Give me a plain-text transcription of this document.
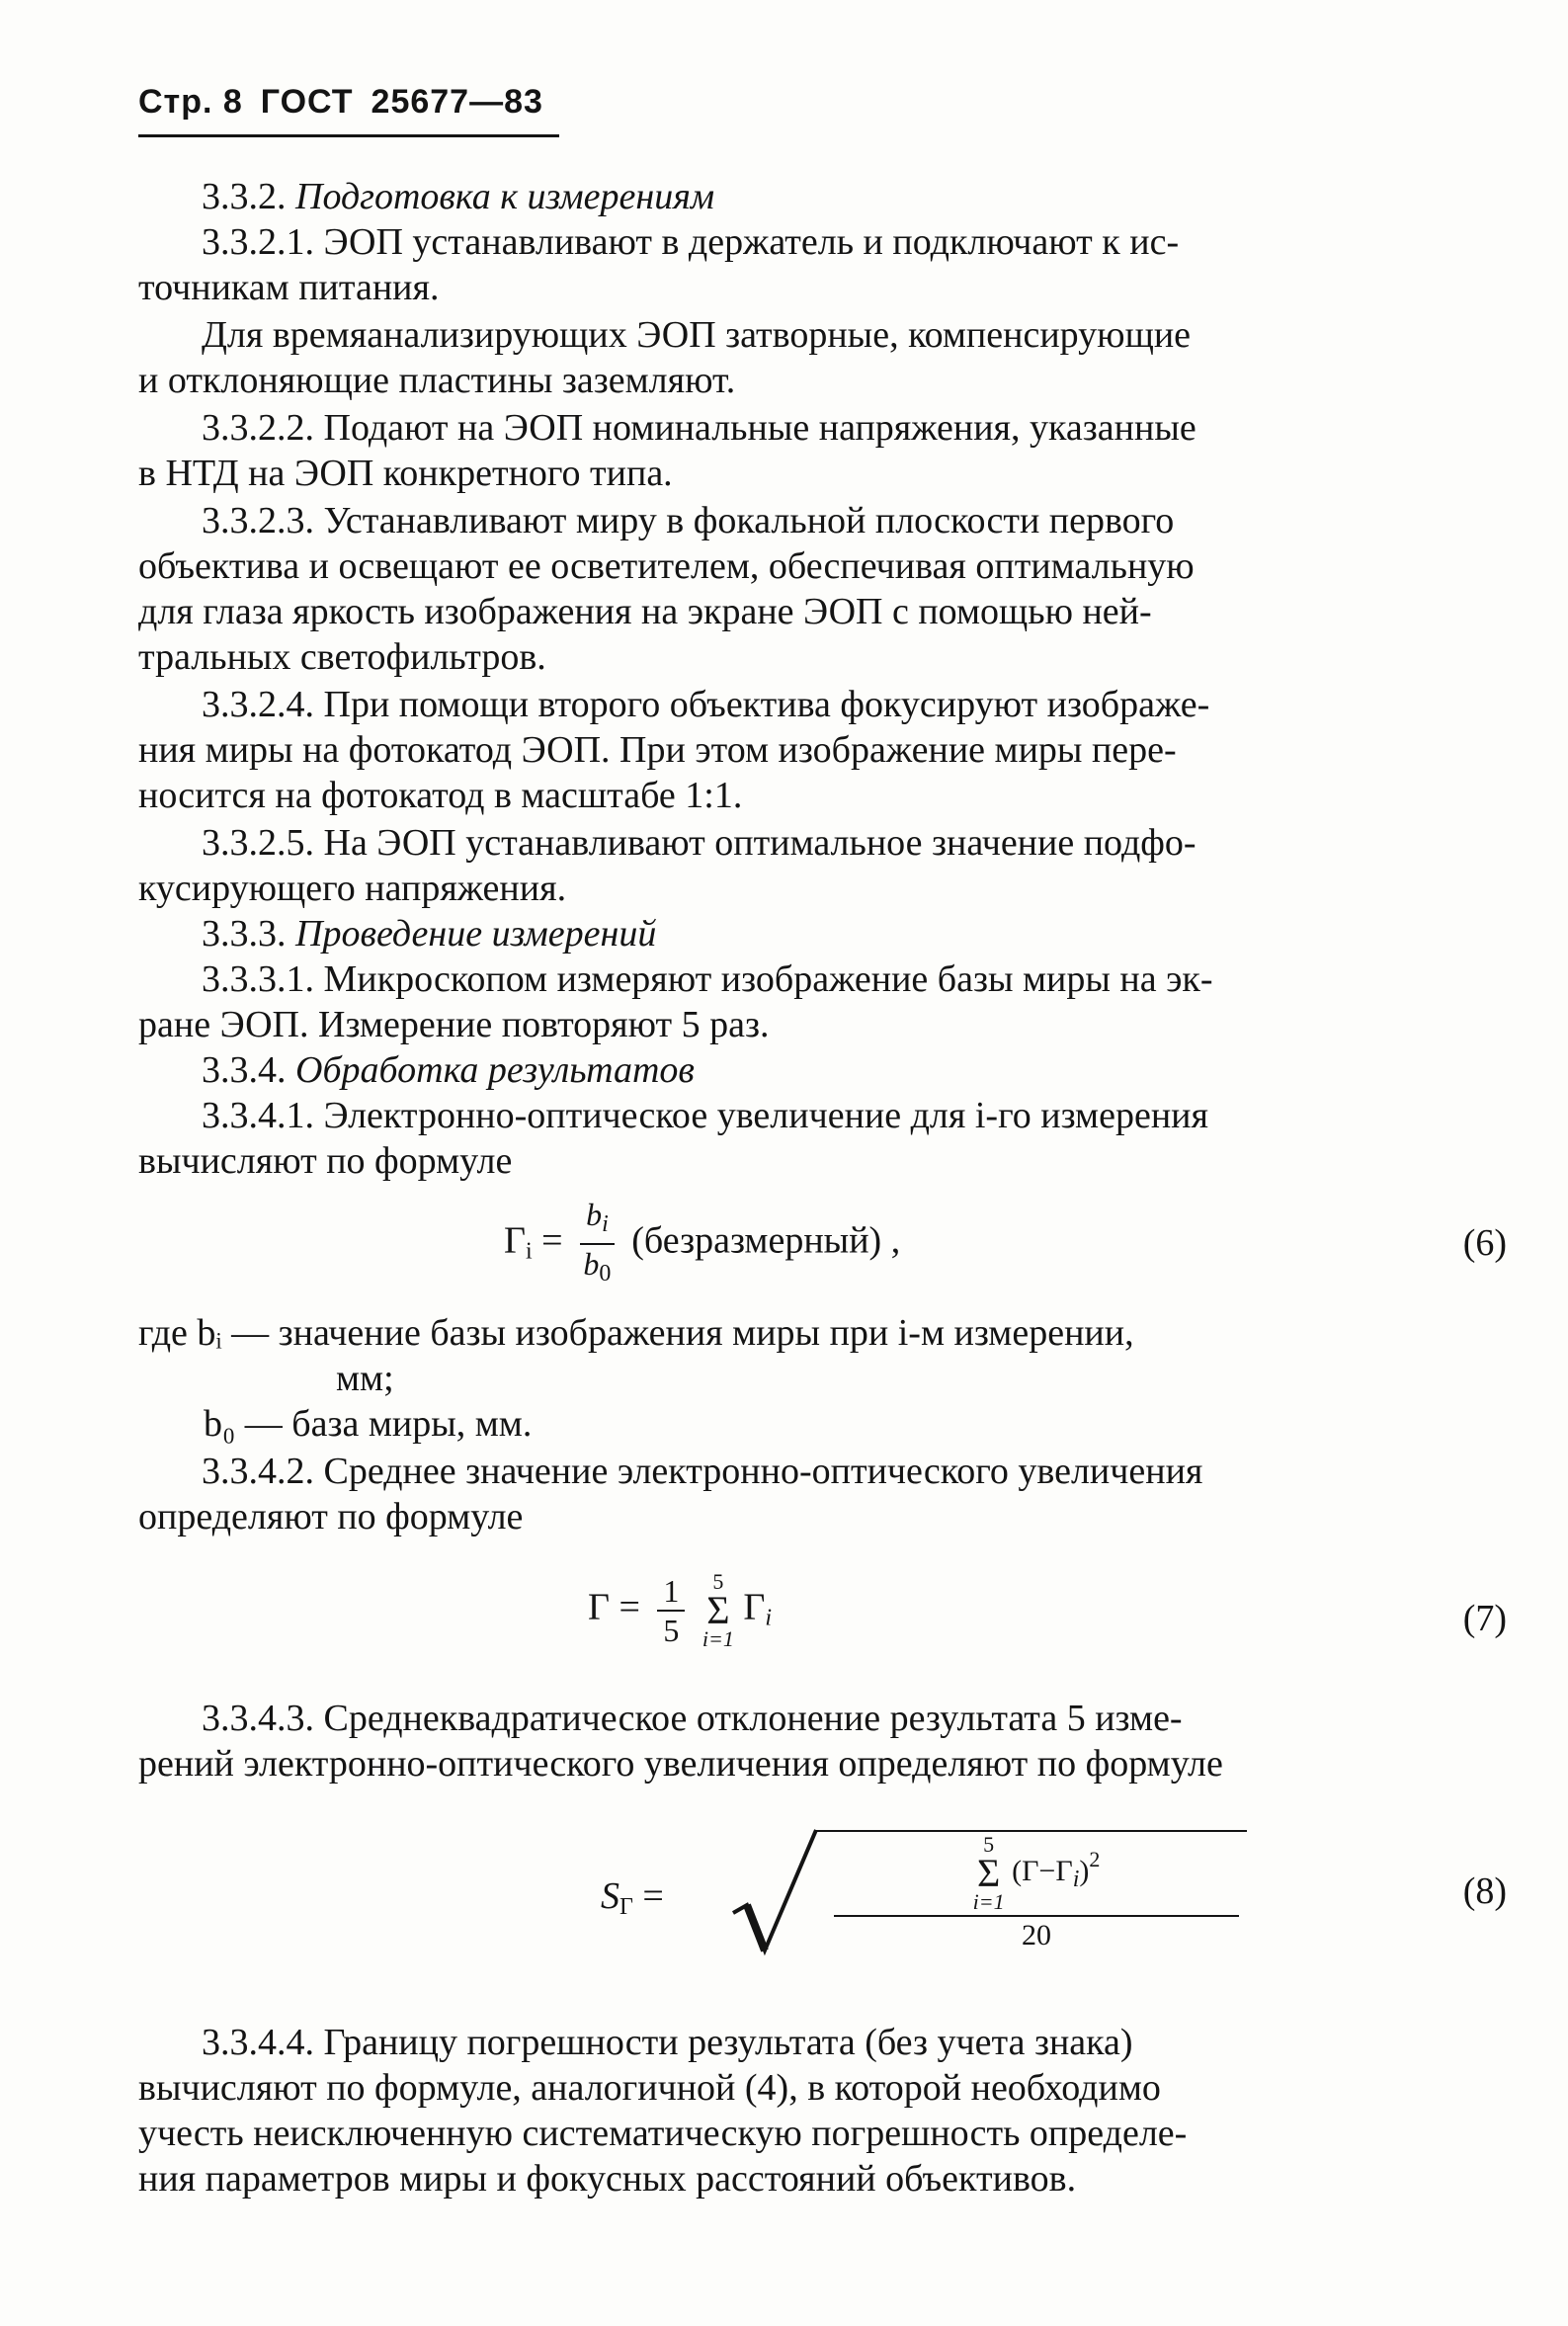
Стр. 8 ГОСТ 25677—83
3.3.2. Подготовка к измерениям
3.3.2.1. ЭОП устанавливают в держатель и подключают к ис-
точникам питания.
Для времяанализирующих ЭОП затворные, компенсирующие
и отклоняющие пластины заземляют.
3.3.2.2. Подают на ЭОП номинальные напряжения, указанные
в НТД на ЭОП конкретного типа.
3.3.2.3. Устанавливают миру в фокальной плоскости первого
объектива и освещают ее осветителем, обеспечивая оптимальную
для глаза яркость изображения на экране ЭОП с помощью ней-
тральных светофильтров.
3.3.2.4. При помощи второго объектива фокусируют изображе-
ния миры на фотокатод ЭОП. При этом изображение миры пере-
носится на фотокатод в масштабе 1:1.
3.3.2.5. На ЭОП устанавливают оптимальное значение подфо-
кусирующего напряжения.
3.3.3. Проведение измерений
3.3.3.1. Микроскопом измеряют изображение базы миры на эк-
ране ЭОП. Измерение повторяют 5 раз.
3.3.4. Обработка результатов
3.3.4.1. Электронно-оптическое увеличение для i-го измерения
вычисляют по формуле
где bᵢ — значение базы изображения миры при i-м измерении,
мм;
b₀ — база миры, мм.
3.3.4.2. Среднее значение электронно-оптического увеличения
определяют по формуле
3.3.4.3. Среднеквадратическое отклонение результата 5 изме-
рений электронно-оптического увеличения определяют по формуле
3.3.4.4. Границу погрешности результата (без учета знака)
вычисляют по формуле, аналогичной (4), в которой необходимо
учесть неисключенную систематическую погрешность определе-
ния параметров миры и фокусных расстояний объективов.
$\Gamma_i = \frac{b_i}{b_0}$ (безразмерный) ,	(6)
$\Gamma = \frac{1}{5}$
	5
Σ
i=1
$\Gamma_i$	(7)
$S_\Gamma$ =
5
Σ
i=1
$(\Gamma-\Gamma_i)^2$
20
(8)
